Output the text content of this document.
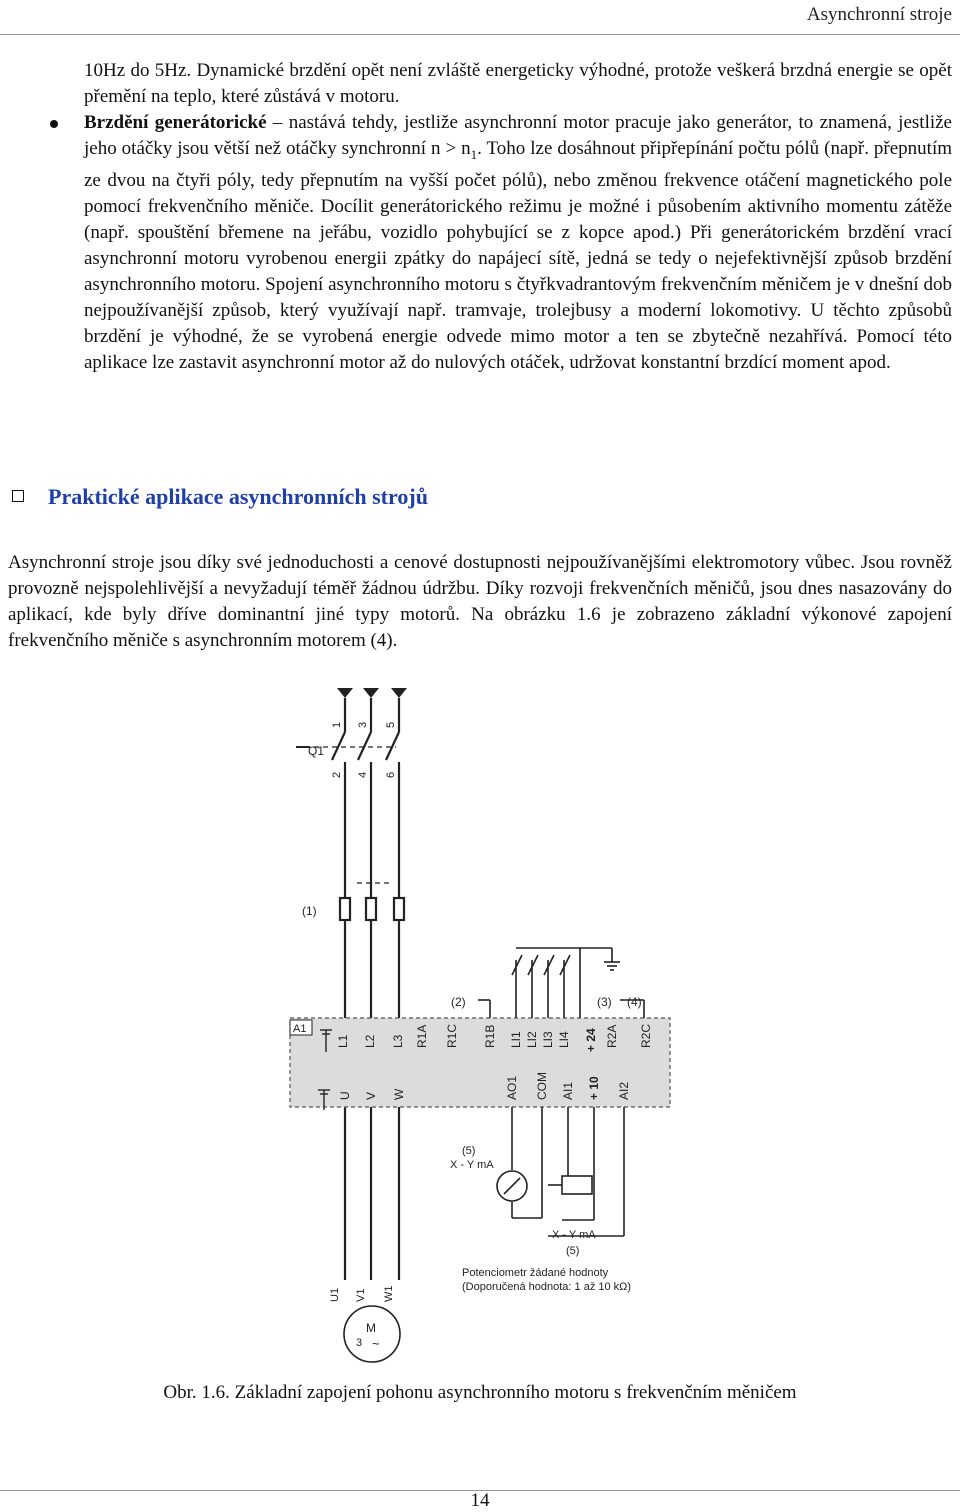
Asynchronní stroje

10Hz do 5Hz. Dynamické brzdění opět není zvláště energeticky výhodné, protože veškerá brzdná energie se opět přemění na teplo, které zůstává v motoru.

Brzdění generátorické – nastává tehdy, jestliže asynchronní motor pracuje jako generátor, to znamená, jestliže jeho otáčky jsou větší než otáčky synchronní $n > n_1$. Toho lze dosáhnout připřepínání počtu pólů (např. přepnutím ze dvou na čtyři póly, tedy přepnutím na vyšší počet pólů), nebo změnou frekvence otáčení magnetického pole pomocí frekvenčního měniče. Docílit generátorického režimu je možné i působením aktivního momentu zátěže (např. spouštění břemene na jeřábu, vozidlo pohybující se z kopce apod.) Při generátorickém brzdění vrací asynchronní motoru vyrobenou energii zpátky do napájecí sítě, jedná se tedy o nejefektivnější způsob brzdění asynchronního motoru. Spojení asynchronního motoru s čtyřkvadrantovým frekvenčním měničem je v dnešní dob nejpoužívanější způsob, který využívají např. tramvaje, trolejbusy a moderní lokomotivy. U těchto způsobů brzdění je výhodné, že se vyrobená energie odvede mimo motor a ten se zbytečně nezahřívá. Pomocí této aplikace lze zastavit asynchronní motor až do nulových otáček, udržovat konstantní brzdící moment apod.

Praktické aplikace asynchronních strojů

Asynchronní stroje jsou díky své jednoduchosti a cenové dostupnosti nejpoužívanějšími elektromotory vůbec. Jsou rovněž provozně nejspolehlivější a nevyžadují téměř žádnou údržbu. Díky rozvoji frekvenčních měničů, jsou dnes nasazovány do aplikací, kde byly dříve dominantní jiné typy motorů. Na obrázku 1.6 je zobrazeno základní výkonové zapojení frekvenčního měniče s asynchronním motorem (4).

Q1
1 3 5
2 4 6
(1)
(2)	(3) (4)
A1
L1 L2 L3 R1A R1C R1B LI1 LI2 LI3 LI4 + 24 R2A R2C
U V W	AO1 COM AI1 + 10 AI2
(5)
X - Y mA
X - Y mA
(5)
Potenciometr žádané hodnoty
(Doporučená hodnota: 1 až 10 kΩ)
U1 V1 W1
M
3 ~
Obr. 1.6. Základní zapojení pohonu asynchronního motoru s frekvenčním měničem
14
